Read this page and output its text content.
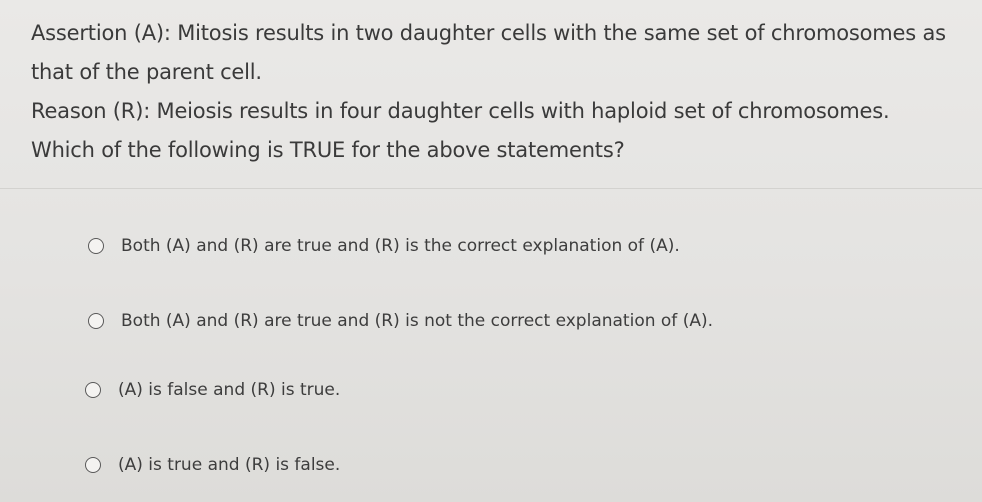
Assertion (A): Mitosis results in two daughter cells with the same set of chromosomes as that of the parent cell.

Reason (R): Meiosis results in four daughter cells with haploid set of chromosomes.

Which of the following is TRUE for the above statements?

Both (A) and (R) are true and (R) is the correct explanation of (A).
Both (A) and (R) are true and (R) is not the correct explanation of (A).
(A) is false and (R) is true.
(A) is true and (R) is false.
